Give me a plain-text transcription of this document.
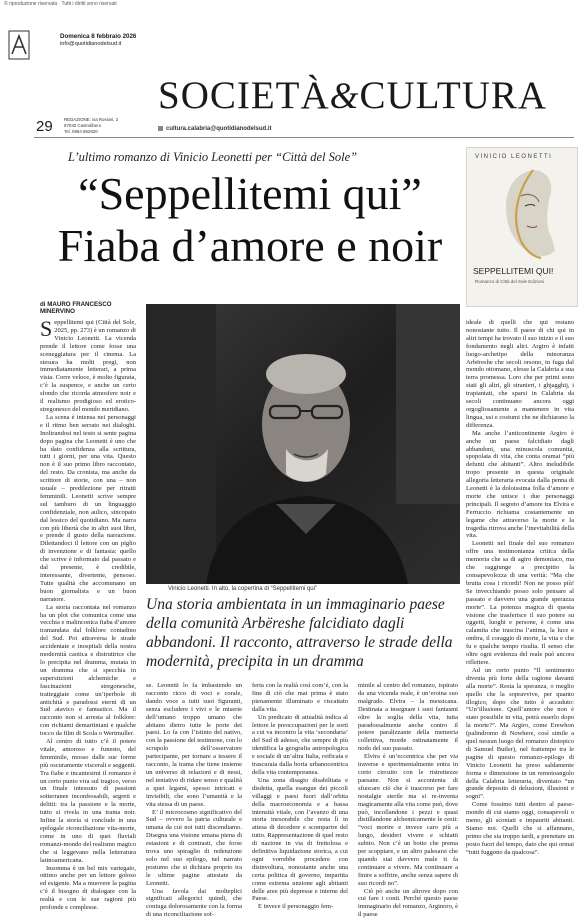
© riproduzione riservata · Tutti i diritti sono riservati
Domenica 8 febbraio 2026
info@quotidianodelsud.it
SOCIETÀ&CULTURA
29	REDAZIONE: via Rossini, 2
87040 Castrolibero
Tel. 0984 852920	cultura.calabria@quotidianodelsud.it
L’ultimo romanzo di Vinicio Leonetti per “Città del Sole”
“Seppellitemi qui”
Fiaba d’amore e noir
VINICIO LEONETTI
SEPPELLITEMI QUI!
Romanzo di Città del Sole Edizioni
di MAURO FRANCESCO MINERVINO

Seppellitemi qui (Città del Sole, 2025, pp. 273) è un romanzo di Vinicio Leonetti. La vicenda prende il lettore come fosse una sceneggiatura per il cinema. La stesura ha molti pregi, non immediatamente letterari, a prima vista. Corre veloce, è molto figurata, c’è la suspence, e anche un certo sfondo che ricorda atmosfere noir e il realismo prodigioso ed erotico-stregonesco del mondo meridiano.

La scena è intensa nei personaggi e il ritmo ben serrato nei dialoghi. Inoltrandosi nel testo si sente pagina dopo pagina che Leonetti è uno che ha dato confidenza alla scrittura, tutti i giorni, per una vita. Questo non è il suo primo libro raccontato, del resto. Da cronista, ma anche da scrittore di storie, con una – non usuale – predilezione per ritratti femminili. Leonetti scrive sempre sul tamburo di un linguaggio confidenziale, non aulico, sincopato dal lessico del quotidiano. Ma narra con più libertà che in altri suoi libri, e prende il gusto della narrazione. Dilettandoci il lettore con un piglio di invenzione e di fantasia: quello che scrive è informato dal passato e dal presente, è credibile, interessante, divertente, pensoso. Tutte qualità che accomunano un buon giornalista e un buon narratore.

La storia raccontata nel romanzo ha un plot che comunica come una vecchia e malinconica fiaba d’amore tramandata dal folklore contadino del Sud. Poi attraversa le strade accidentate e inospitali della nostra modernità caotica e distruttrice che lo precipita nel dramma, mutata in un dramma che si specchia in superstizioni alchemiche e fascinazioni stregonesche, tratteggiate come un’iperbole di antichità e paradossi eterni di un Sud atavico e fantastico. Ma il racconto non si arresta al folklore: con richiami demartiniani e qualche tocco da film di Scola o Wertmuller.

Al centro di tutto c’è il potere vitale, amoroso e funesto, del femminile, mosso dalle sue forme più oscuramente viscerali e seggenti. Tra fiabe e incantesimi il romanzo è un certo punto vira sul tragico, verso un finale intessuto di passioni sotterranee inconfessabili, segreti e delitti: tra la passione e la morte, tutto si rivela in una trama noir. Infine la storia si conclude in una epilogale riconciliazione vita-morte, come in uno di quei fluviali romanzi-mondo del realismo magico che si leggevano nella letteratura latinoamericana.

Insomma è un bel mix variegato, ottimo anche per un lettore goloso ed esigente. Ma a muovere la pagina c’è il bisogno di dialogare con la realtà e con le sue ragioni più profonde e complesse.

Vinicio Leonetti. In alto, la copertina di “Seppellitemi qui”
Una storia ambientata in un immaginario paese della comunità Arbëreshe falcidiato dagli abbandoni. Il racconto, attraverso le strade della modernità, precipita in un dramma

se. Leonetti lo fa imbastendo un racconto ricco di voci e corale, dando voce a tutti suoi figuranti, senza escludere i vivi e le miserie dell’umano troppo umano che abitano dietro tutte le porte dei paesi. Lo fa con l’istinto del nativo, con la passione del testimone, con lo scrupolo dell’osservatore partecipante, per tornare a tessere il racconto, la trama che tiene insieme un universo di relazioni e di nessi, nel tentativo di ridare senso e qualità a quei legami, spesso intricati e invisibili, che sono l’umanità e la vita stessa di un paese.

E’ il microcosmo significativo del Sud – ovvero la patria culturale e umana da cui noi tutti discendiamo. Disegna una visione umana piena di estasioni e di contrasti, che forse trova uno spiraglio di redenzione solo nel suo epilogo, nel narrato postumo che si dichiara proprio tra le ultime pagine attestate da Leonetti.

Una favola dai molteplici significati allegorici quindi, che coniuga dolorosamente con la forma di una riconciliazione sof-

ferta con la realtà così com’è, con la fine di ciò che mai prima è stato pienamente illuminato e riscattato dalla vita.

Un predicato di attualità indica al lettore le preoccupazioni per le sorti a cui va incontro la vita ‘secondaria’ del Sud di adesso, che sempre di più identifica la geografia antropologica e sociale di un’altra Italia, reificata e trascurata dalla borta urbanocentrica della vita contemporanea.

Una zona disagio disabilitata e disdetta, quella esangue dei piccoli villaggi e paesi fuori dall’orbita della macroeconomia e a bassa intensità vitale, con l’avanzo di una storia inesorabile che resta lì in attesa di decedere e scomparire del tutto. Rappresentazione di quel resto di nazione in via di frettolosa e definitiva liquidazione storica, a cui ogni vorrebbe procedere con disinvoltura, nonostante anche una certa politica di governo, impartita come estrema unzione agli abitanti delle aree più depresse e interne del Paese.

E invece il personaggio fem-

minile al centro del romanzo, ispirato da una vicenda reale, è un’eroina suo malgrado. Elvira – la messicana. Destinata a insegnare i suoi fantasmi oltre la soglia della vita, tutta paradossalmente anche contro il potere paralizzante della memoria collettiva, morde ostinatamente il nodo del suo passato.

Elvira è un’eccentrica che per via traverse e sperimentalmente entra in corto circuito con le ristrettezze paesane. Non si accontenta di sfuocare ciò che è trascorso per fare nostalgie sterile ma si re-inventa magicamente alla vita come può, dove può, incollandone i pezzi e quasi distillandone alchemicamente le cesti: “voci morire e invece caro più a lungo, desideri vivere e schiatti subito. Non c’è un botto che prema per scoppiare, e un altro palesarsi che quando stai davvero male ti fa continuare a vivere. Ma continuare a finire a soffrire, anche senza sapere di suo ricordi no”.

Ciò pò anche un altrove dopo con cui fare i conti. Perché questo paese immaginario del romanzo, Arginoro, è il paese

ideale di quelli che qui restano nonostante tutto. Il paese di chi qui in altri tempi ha trovato il suo inizio e il suo fondamento negli altri. Argiro è infatti luogo-archetipo della minoranza Arbëreshe che secoli orsono, in fuga dal mondo ottomano, elesse la Calabria a sua terra promessa. Loro che per primi sono stati gli altri, gli stranieri, i ghjagghij, i trapiantati, che sparsi in Calabria da secoli continuano ancora oggi orgogliosamente a mantenere in vita lingua, usi e costumi che ne dichiarano la differenza.

Ma anche l’anticontinente Argiro è anche un paese falcidiato dagli abbandoni, una minuscola comunità, spopolata di vita, che conta oramai “più defunti che abitanti”. Altro ineludibile tropo presente in questa originale allegoria letteraria evocata dalla penna di Leonetti è la doloissima folla d’amore e morte che unisce i due personaggi principali. Il segreto d’amore tra Elvira e Ferruccio richiama costantemente un legame che attraverso la morte e la tragedia ritrova anche l’inevitabilità della vita.

Leonetti nel finale del suo romanzo offre una testimonianza critica della memoria che sa di agiro demoniaco, ma che raggiunge a precipitio la consapevolezza di una verità: “Ma che brutta cosa i ricordi! Non ne posso più! Se invecchiando posso solo pensare al passato e davvero una grande sperazza morte”. La potenza magica di questa visione che trasferisce il suo potere su oggetti, luoghi e persone, è come una calamita che trascina l’anima, la luce e ombra, il coraggio di morte, la vita e che fu e qualche tempo risulta. Il senso che oltre ogni evidenza del reale può ancora riflettere.

Ad un certo punto “Il sentimento diventa più forte della ragione davanti alla morte”. Resta la speranza, o meglio quello che la sopravvive, per quanto illogico, dopo che tutto è accaduto: “Un’illusione. Quell’amore che non è stato possibile in vita, potrà esserlo dopo la morte?”. Ma Argiro, come Erewhon (palindromo di Nowhere, così simile a quel nessun luogo del romanzo distopico di Samuel Butler), nel frattempo tra le pagine di questo romanzo-epilogo di Vinicio Leonetti ha preso saldamente forma e dimensione in un remotoangolo della Calabria letteraria, diventato “un grande deposito di delusioni, illusioni e sogni”.

Come fossimo tutti dentro al paese-mondo di cui siamo oggi, consapevoli o meno, gli scontati e impauriti abitanti. Siamo noi. Quelli che si affannano, primo che sia troppo tardi, a prenotare un posto fuori del tempo, dato che qui ormai “tutti fuggono da qualcosa”.
